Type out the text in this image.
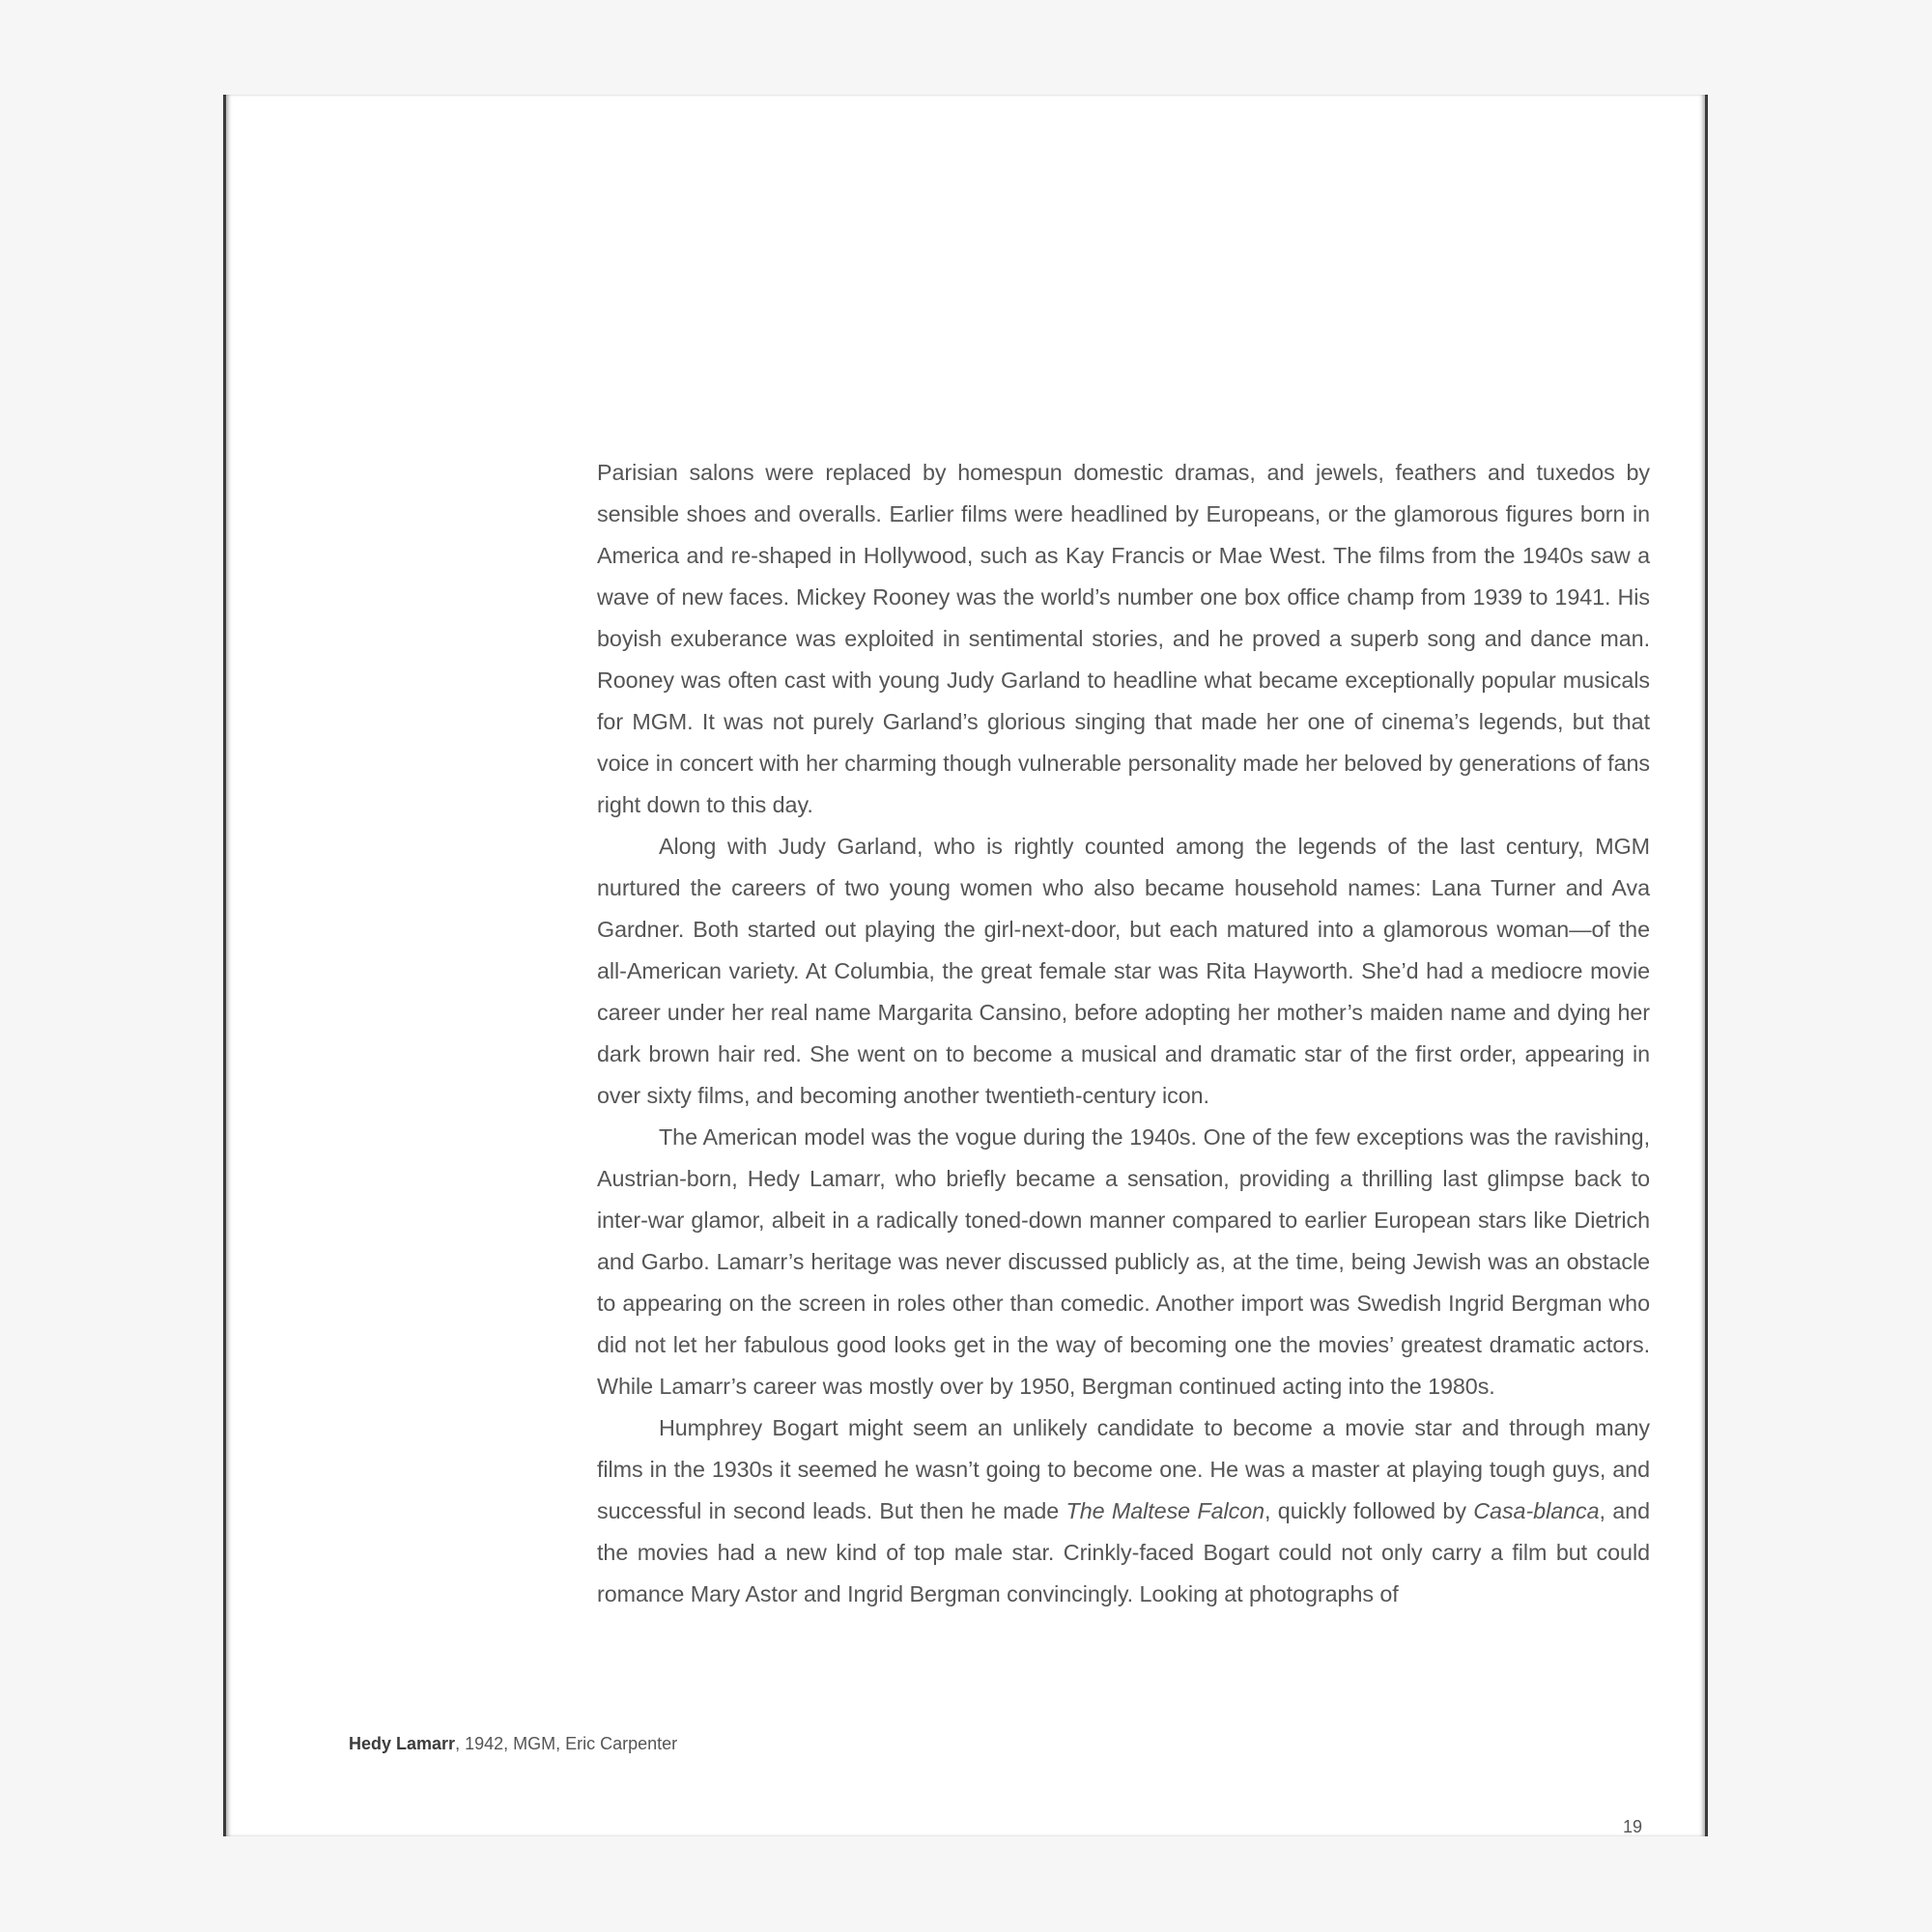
Parisian salons were replaced by homespun domestic dramas, and jewels, feathers and tuxedos by sensible shoes and overalls. Earlier films were headlined by Europeans, or the glamorous figures born in America and re-shaped in Hollywood, such as Kay Francis or Mae West. The films from the 1940s saw a wave of new faces. Mickey Rooney was the world’s number one box office champ from 1939 to 1941. His boyish exuberance was exploited in sentimental stories, and he proved a superb song and dance man. Rooney was often cast with young Judy Garland to headline what became exceptionally popular musicals for MGM. It was not purely Garland’s glorious singing that made her one of cinema’s legends, but that voice in concert with her charming though vulnerable personality made her beloved by generations of fans right down to this day.

Along with Judy Garland, who is rightly counted among the legends of the last century, MGM nurtured the careers of two young women who also became household names: Lana Turner and Ava Gardner. Both started out playing the girl-next-door, but each matured into a glamorous woman—of the all-American variety. At Columbia, the great female star was Rita Hayworth. She’d had a mediocre movie career under her real name Margarita Cansino, before adopting her mother’s maiden name and dying her dark brown hair red. She went on to become a musical and dramatic star of the first order, appearing in over sixty films, and becoming another twentieth-century icon.

The American model was the vogue during the 1940s. One of the few exceptions was the ravishing, Austrian-born, Hedy Lamarr, who briefly became a sensation, providing a thrilling last glimpse back to inter-war glamor, albeit in a radically toned-down manner compared to earlier European stars like Dietrich and Garbo. Lamarr’s heritage was never discussed publicly as, at the time, being Jewish was an obstacle to appearing on the screen in roles other than comedic. Another import was Swedish Ingrid Bergman who did not let her fabulous good looks get in the way of becoming one the movies’ greatest dramatic actors. While Lamarr’s career was mostly over by 1950, Bergman continued acting into the 1980s.

Humphrey Bogart might seem an unlikely candidate to become a movie star and through many films in the 1930s it seemed he wasn’t going to become one. He was a master at playing tough guys, and successful in second leads. But then he made The Maltese Falcon, quickly followed by Casa-blanca, and the movies had a new kind of top male star. Crinkly-faced Bogart could not only carry a film but could romance Mary Astor and Ingrid Bergman convincingly. Looking at photographs of

Hedy Lamarr, 1942, MGM, Eric Carpenter
19
